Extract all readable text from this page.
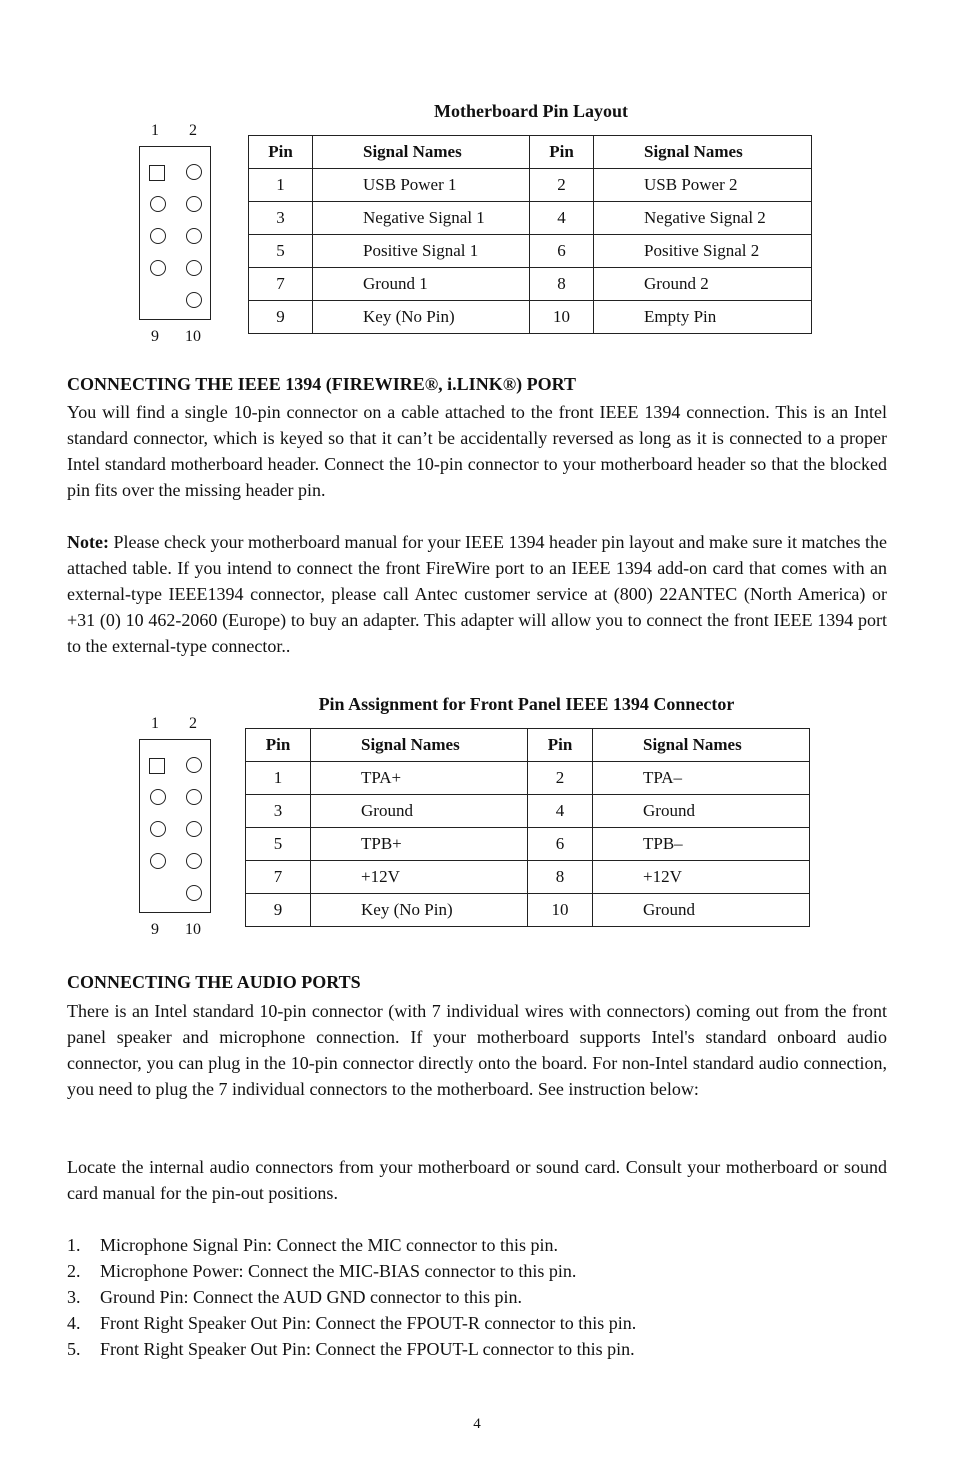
Motherboard Pin Layout
1 2
9 10
Pin	Signal Names	Pin	Signal Names
1	USB Power 1	2	USB Power 2
3	Negative Signal 1	4	Negative Signal 2
5	Positive Signal 1	6	Positive Signal 2
7	Ground 1	8	Ground 2
9	Key (No Pin)	10	Empty Pin
CONNECTING THE IEEE 1394 (FIREWIRE®, i.LINK®) PORT

You will find a single 10-pin connector on a cable attached to the front IEEE 1394 connection. This is an Intel standard connector, which is keyed so that it can’t be accidentally reversed as long as it is connected to a proper Intel standard motherboard header. Connect the 10-pin connector to your motherboard header so that the blocked pin fits over the missing header pin.

Note: Please check your motherboard manual for your IEEE 1394 header pin layout and make sure it matches the attached table. If you intend to connect the front FireWire port to an IEEE 1394 add-on card that comes with an external-type IEEE1394 connector, please call Antec customer service at (800) 22ANTEC (North America) or +31 (0) 10 462-2060 (Europe) to buy an adapter. This adapter will allow you to connect the front IEEE 1394 port to the external-type connector..

Pin Assignment for Front Panel IEEE 1394 Connector
1 2
9 10
Pin	Signal Names	Pin	Signal Names
1	TPA+	2	TPA–
3	Ground	4	Ground
5	TPB+	6	TPB–
7	+12V	8	+12V
9	Key (No Pin)	10	Ground
CONNECTING THE AUDIO PORTS

There is an Intel standard 10-pin connector (with 7 individual wires with connectors) coming out from the front panel speaker and microphone connection. If your motherboard supports Intel's standard onboard audio connector, you can plug in the 10-pin connector directly onto the board. For non-Intel standard audio connection, you need to plug the 7 individual connectors to the motherboard. See instruction below:

Locate the internal audio connectors from your motherboard or sound card. Consult your motherboard or sound card manual for the pin-out positions.

1. Microphone Signal Pin: Connect the MIC connector to this pin.
2. Microphone Power: Connect the MIC-BIAS connector to this pin.
3. Ground Pin: Connect the AUD GND connector to this pin.
4. Front Right Speaker Out Pin: Connect the FPOUT-R connector to this pin.
5. Front Right Speaker Out Pin: Connect the FPOUT-L connector to this pin.
4
